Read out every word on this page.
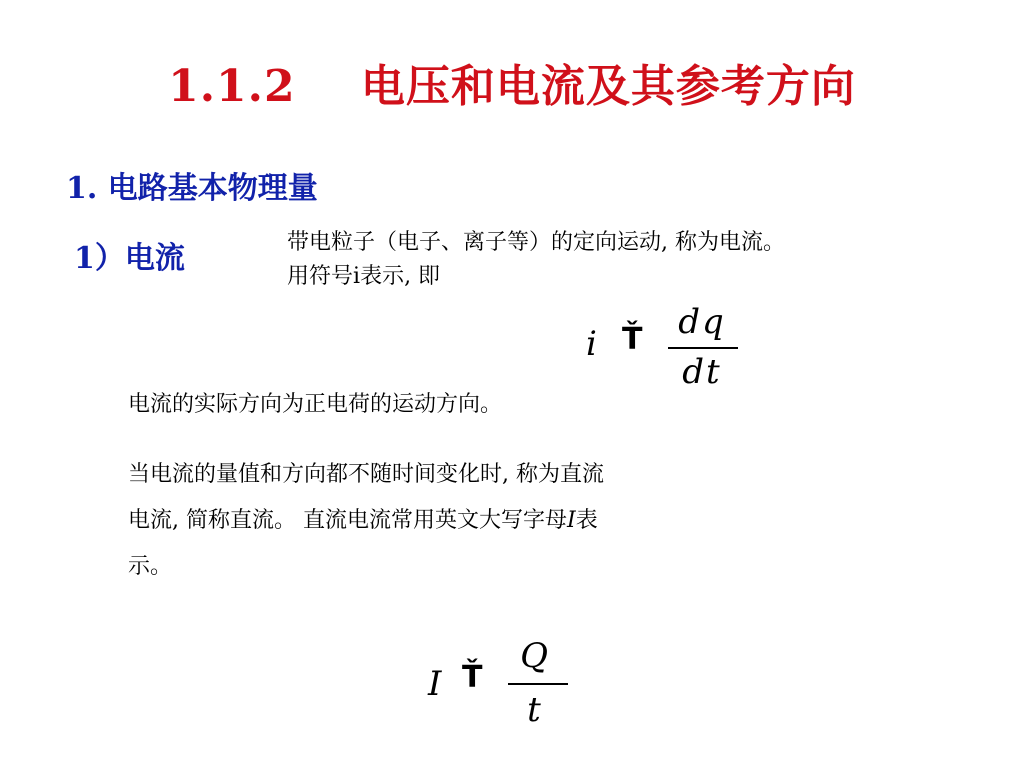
1.1.2    电压和电流及其参考方向
1. 电路基本物理量
1）电流	带电粒子（电子、离子等）的定向运动, 称为电流。
用符号i表示, 即
i Ť	dq
dt
电流的实际方向为正电荷的运动方向。
当电流的量值和方向都不随时间变化时, 称为直流
电流, 简称直流。 直流电流常用英文大写字母I表
示。
I Ť
Q
t
